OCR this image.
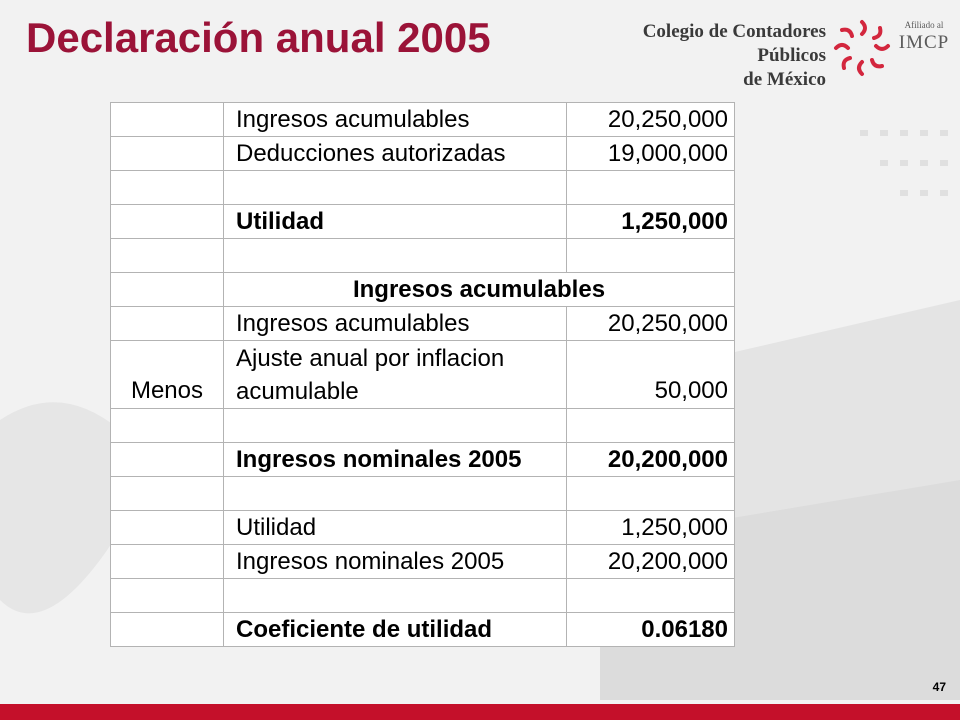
Declaración anual 2005	Colegio de Contadores Públicos
de México
Afiliado al
IMCP
	Ingresos acumulables	20,250,000
	Deducciones autorizadas	19,000,000

	Utilidad	1,250,000

	Ingresos acumulables	
	Ingresos acumulables	20,250,000
Menos	Ajuste anual por inflacion acumulable	50,000

	Ingresos nominales 2005	20,200,000

	Utilidad	1,250,000
	Ingresos nominales 2005	20,200,000

	Coeficiente de utilidad	0.06180
47
